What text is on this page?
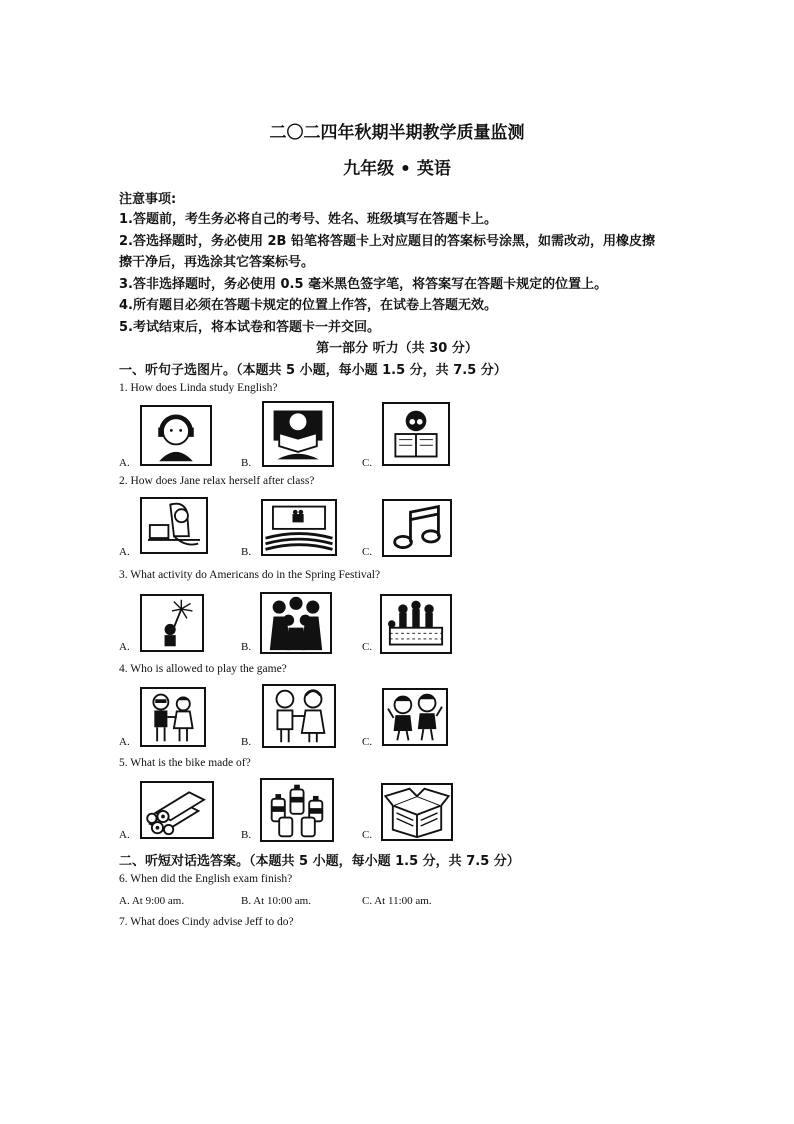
二〇二四年秋期半期教学质量监测
九年级 • 英语
注意事项:
1.答题前，考生务必将自己的考号、姓名、班级填写在答题卡上。
2.答选择题时，务必使用 2B 铅笔将答题卡上对应题目的答案标号涂黑，如需改动，用橡皮擦
擦干净后，再选涂其它答案标号。
3.答非选择题时，务必使用 0.5 毫米黑色签字笔，将答案写在答题卡规定的位置上。
4.所有题目必须在答题卡规定的位置上作答，在试卷上答题无效。
5.考试结束后，将本试卷和答题卡一并交回。
第一部分 听力（共 30 分）
一、听句子选图片。（本题共 5 小题，每小题 1.5 分，共 7.5 分）
1. How does Linda study English?
A.	B.	C.
2. How does Jane relax herself after class?
A.	B.	C.
3. What activity do Americans do in the Spring Festival?
A.	B.	C.
4. Who is allowed to play the game?
A.	B.	C.
5. What is the bike made of?
A.	B.	C.
二、听短对话选答案。（本题共 5 小题，每小题 1.5 分，共 7.5 分）
6. When did the English exam finish?
A. At 9:00 am.	B. At 10:00 am.	C. At 11:00 am.
7. What does Cindy advise Jeff to do?
